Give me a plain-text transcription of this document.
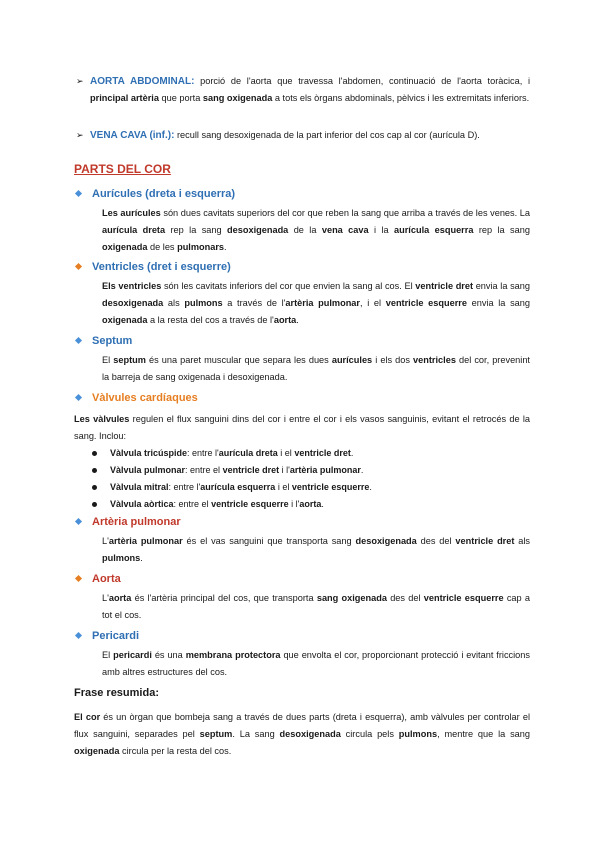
➢ AORTA ABDOMINAL: porció de l'aorta que travessa l'abdomen, continuació de l'aorta toràcica, i principal artèria que porta sang oxigenada a tots els òrgans abdominals, pèlvics i les extremitats inferiors.

➢ VENA CAVA (inf.): recull sang desoxigenada de la part inferior del cos cap al cor (aurícula D).

PARTS DEL COR

Aurícules (dreta i esquerra)

Les aurícules són dues cavitats superiors del cor que reben la sang que arriba a través de les venes. La aurícula dreta rep la sang desoxigenada de la vena cava i la aurícula esquerra rep la sang oxigenada de les pulmonars.

Ventricles (dret i esquerre)

Els ventricles són les cavitats inferiors del cor que envien la sang al cos. El ventricle dret envia la sang desoxigenada als pulmons a través de l'artèria pulmonar, i el ventricle esquerre envia la sang oxigenada a la resta del cos a través de l'aorta.

Septum

El septum és una paret muscular que separa les dues aurícules i els dos ventricles del cor, prevenint la barreja de sang oxigenada i desoxigenada.

Vàlvules cardíaques

Les vàlvules regulen el flux sanguini dins del cor i entre el cor i els vasos sanguinis, evitant el retrocés de la sang. Inclou:

Vàlvula tricúspide: entre l'aurícula dreta i el ventricle dret.
Vàlvula pulmonar: entre el ventricle dret i l'artèria pulmonar.
Vàlvula mitral: entre l'aurícula esquerra i el ventricle esquerre.
Vàlvula aòrtica: entre el ventricle esquerre i l'aorta.

Artèria pulmonar

L'artèria pulmonar és el vas sanguini que transporta sang desoxigenada des del ventricle dret als pulmons.

Aorta

L'aorta és l'artèria principal del cos, que transporta sang oxigenada des del ventricle esquerre cap a tot el cos.

Pericardi

El pericardi és una membrana protectora que envolta el cor, proporcionant protecció i evitant friccions amb altres estructures del cos.

Frase resumida:

El cor és un òrgan que bombeja sang a través de dues parts (dreta i esquerra), amb vàlvules per controlar el flux sanguini, separades pel septum. La sang desoxigenada circula pels pulmons, mentre que la sang oxigenada circula per la resta del cos.
